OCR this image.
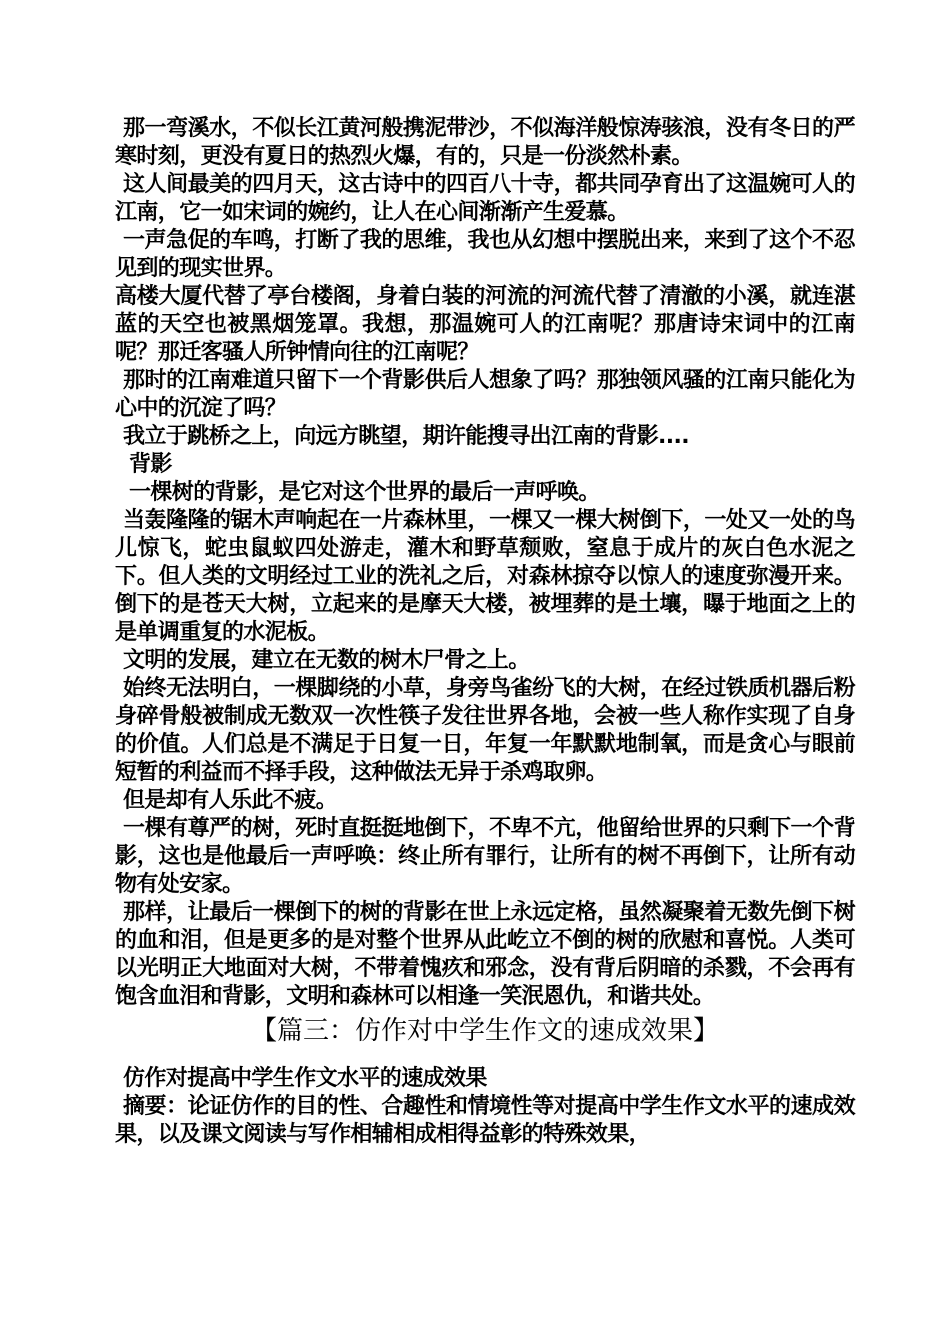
那一弯溪水，不似长江黄河般携泥带沙，不似海洋般惊涛骇浪，没有冬日的严寒时刻，更没有夏日的热烈火爆，有的，只是一份淡然朴素。

这人间最美的四月天，这古诗中的四百八十寺，都共同孕育出了这温婉可人的江南，它一如宋词的婉约，让人在心间渐渐产生爱慕。

一声急促的车鸣，打断了我的思维，我也从幻想中摆脱出来，来到了这个不忍见到的现实世界。

高楼大厦代替了亭台楼阁，身着白装的河流的河流代替了清澈的小溪，就连湛蓝的天空也被黑烟笼罩。我想，那温婉可人的江南呢？那唐诗宋词中的江南呢？那迁客骚人所钟情向往的江南呢？

那时的江南难道只留下一个背影供后人想象了吗？那独领风骚的江南只能化为心中的沉淀了吗？

我立于跳桥之上，向远方眺望，期许能搜寻出江南的背影....

背影

一棵树的背影，是它对这个世界的最后一声呼唤。

当轰隆隆的锯木声响起在一片森林里，一棵又一棵大树倒下，一处又一处的鸟儿惊飞，蛇虫鼠蚁四处游走，灌木和野草颓败，窒息于成片的灰白色水泥之下。但人类的文明经过工业的洗礼之后，对森林掠夺以惊人的速度弥漫开来。倒下的是苍天大树，立起来的是摩天大楼，被埋葬的是土壤，曝于地面之上的是单调重复的水泥板。

文明的发展，建立在无数的树木尸骨之上。

始终无法明白，一棵脚绕的小草，身旁鸟雀纷飞的大树，在经过铁质机器后粉身碎骨般被制成无数双一次性筷子发往世界各地，会被一些人称作实现了自身的价值。人们总是不满足于日复一日，年复一年默默地制氧，而是贪心与眼前短暂的利益而不择手段，这种做法无异于杀鸡取卵。

但是却有人乐此不疲。

一棵有尊严的树，死时直挺挺地倒下，不卑不亢，他留给世界的只剩下一个背影，这也是他最后一声呼唤：终止所有罪行，让所有的树不再倒下，让所有动物有处安家。

那样，让最后一棵倒下的树的背影在世上永远定格，虽然凝聚着无数先倒下树的血和泪，但是更多的是对整个世界从此屹立不倒的树的欣慰和喜悦。人类可以光明正大地面对大树，不带着愧疚和邪念，没有背后阴暗的杀戮，不会再有饱含血泪和背影，文明和森林可以相逢一笑泯恩仇，和谐共处。

【篇三：仿作对中学生作文的速成效果】

仿作对提高中学生作文水平的速成效果

摘要：论证仿作的目的性、合趣性和情境性等对提高中学生作文水平的速成效果，以及课文阅读与写作相辅相成相得益彰的特殊效果，
